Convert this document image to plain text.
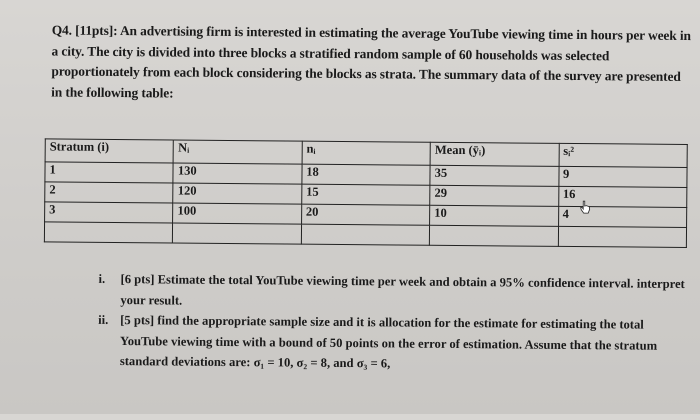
Q4. [11pts]: An advertising firm is interested in estimating the average YouTube viewing time in hours per week in a city. The city is divided into three blocks a stratified random sample of 60 households was selected proportionately from each block considering the blocks as strata. The summary data of the survey are presented in the following table:
Stratum (i)	Nᵢ	nᵢ	Mean (ȳᵢ)	sᵢ²
1	130	18	35	9
2	120	15	29	16
3	100	20	10	4

i. [6 pts] Estimate the total YouTube viewing time per week and obtain a 95% confidence interval. interpret your result.
ii. [5 pts] find the appropriate sample size and it is allocation for the estimate for estimating the total YouTube viewing time with a bound of 50 points on the error of estimation. Assume that the stratum standard deviations are: σ₁ = 10, σ₂ = 8, and σ₃ = 6,
